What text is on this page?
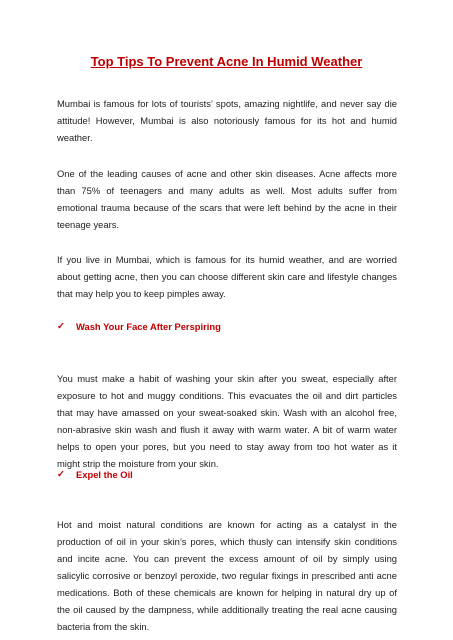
Top Tips To Prevent Acne In Humid Weather
Mumbai is famous for lots of tourists’ spots, amazing nightlife, and never say die attitude! However, Mumbai is also notoriously famous for its hot and humid weather.
One of the leading causes of acne and other skin diseases. Acne affects more than 75% of teenagers and many adults as well. Most adults suffer from emotional trauma because of the scars that were left behind by the acne in their teenage years.
If you live in Mumbai, which is famous for its humid weather, and are worried about getting acne, then you can choose different skin care and lifestyle changes that may help you to keep pimples away.
✓	Wash Your Face After Perspiring
You must make a habit of washing your skin after you sweat, especially after exposure to hot and muggy conditions. This evacuates the oil and dirt particles that may have amassed on your sweat-soaked skin. Wash with an alcohol free, non-abrasive skin wash and flush it away with warm water. A bit of warm water helps to open your pores, but you need to stay away from too hot water as it might strip the moisture from your skin.
✓	Expel the Oil
Hot and moist natural conditions are known for acting as a catalyst in the production of oil in your skin’s pores, which thusly can intensify skin conditions and incite acne. You can prevent the excess amount of oil by simply using salicylic corrosive or benzoyl peroxide, two regular fixings in prescribed anti acne medications. Both of these chemicals are known for helping in natural dry up of the oil caused by the dampness, while additionally treating the real acne causing bacteria from the skin.
